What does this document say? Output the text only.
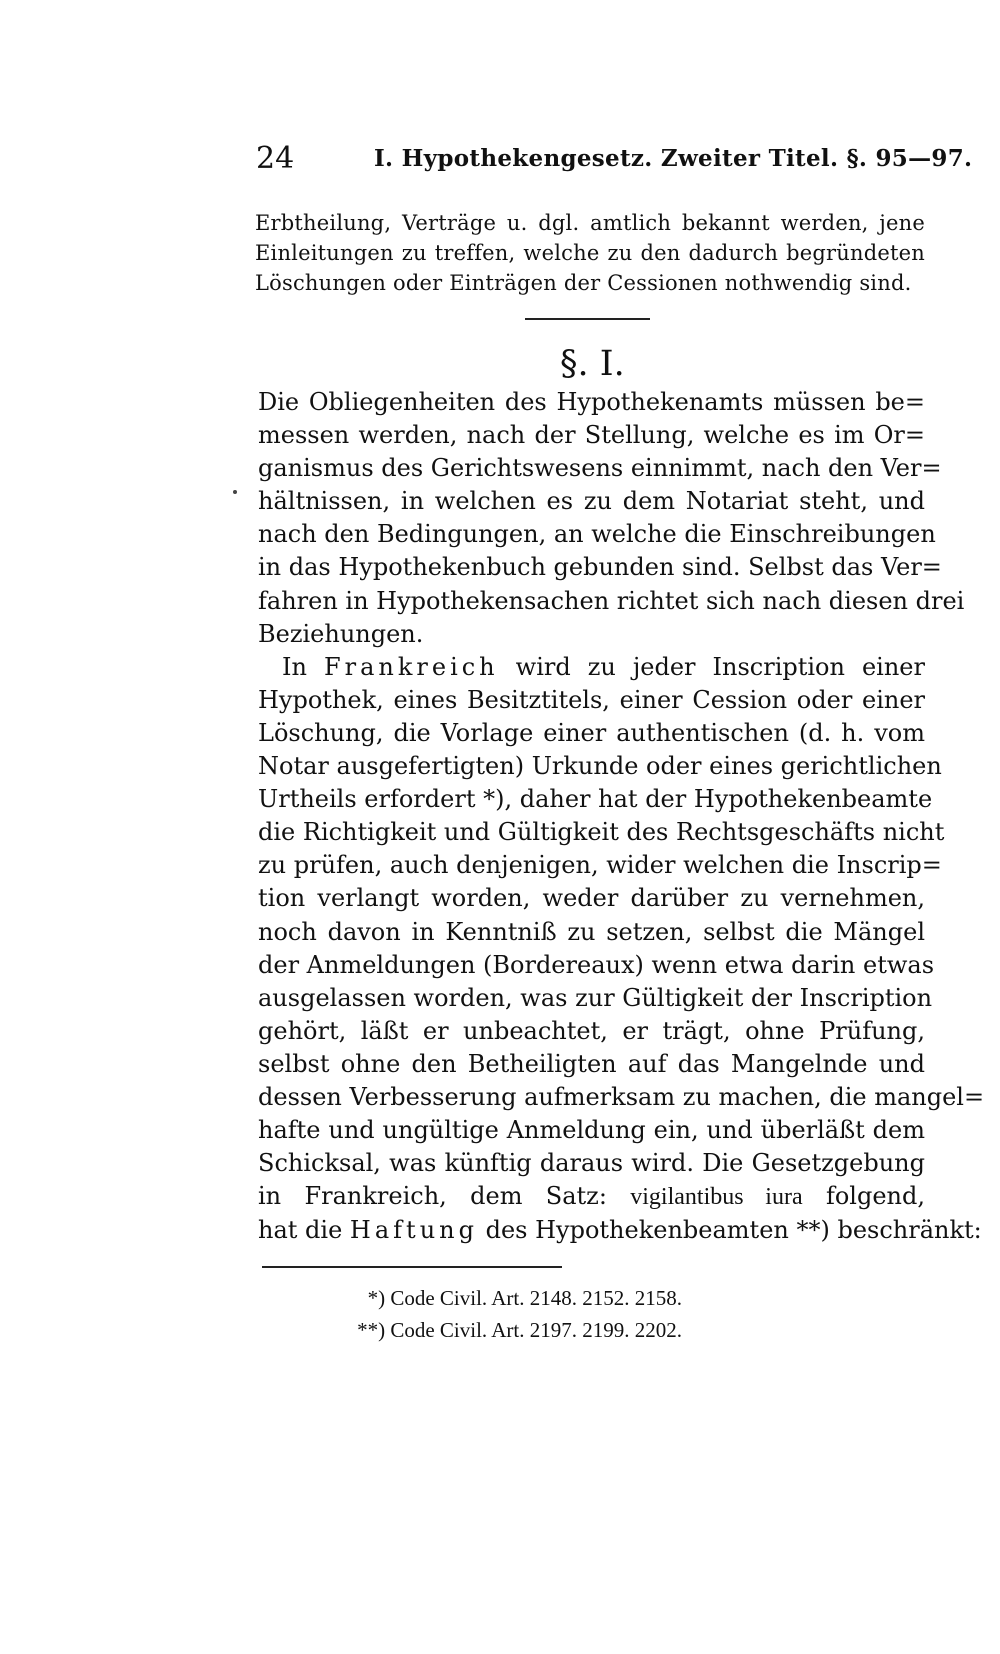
24	I. Hypothekengesetz. Zweiter Titel. §. 95—97.
Erbtheilung, Verträge u. dgl. amtlich bekannt werden, jene
Einleitungen zu treffen, welche zu den dadurch begründeten
Löschungen oder Einträgen der Cessionen nothwendig sind.
§. I.
Die Obliegenheiten des Hypothekenamts müssen be=
messen werden, nach der Stellung, welche es im Or=
ganismus des Gerichtswesens einnimmt, nach den Ver=
hältnissen, in welchen es zu dem Notariat steht, und
nach den Bedingungen, an welche die Einschreibungen
in das Hypothekenbuch gebunden sind. Selbst das Ver=
fahren in Hypothekensachen richtet sich nach diesen drei
Beziehungen.
 In Frankreich wird zu jeder Inscription einer
Hypothek, eines Besitztitels, einer Cession oder einer
Löschung, die Vorlage einer authentischen (d. h. vom
Notar ausgefertigten) Urkunde oder eines gerichtlichen
Urtheils erfordert *), daher hat der Hypothekenbeamte
die Richtigkeit und Gültigkeit des Rechtsgeschäfts nicht
zu prüfen, auch denjenigen, wider welchen die Inscrip=
tion verlangt worden, weder darüber zu vernehmen,
noch davon in Kenntniß zu setzen, selbst die Mängel
der Anmeldungen (Bordereaux) wenn etwa darin etwas
ausgelassen worden, was zur Gültigkeit der Inscription
gehört, läßt er unbeachtet, er trägt, ohne Prüfung,
selbst ohne den Betheiligten auf das Mangelnde und
dessen Verbesserung aufmerksam zu machen, die mangel=
hafte und ungültige Anmeldung ein, und überläßt dem
Schicksal, was künftig daraus wird. Die Gesetzgebung
in Frankreich, dem Satz: vigilantibus iura folgend,
hat die Haftung des Hypothekenbeamten **) beschränkt:
*) Code Civil. Art. 2148. 2152. 2158.
**) Code Civil. Art. 2197. 2199. 2202.
